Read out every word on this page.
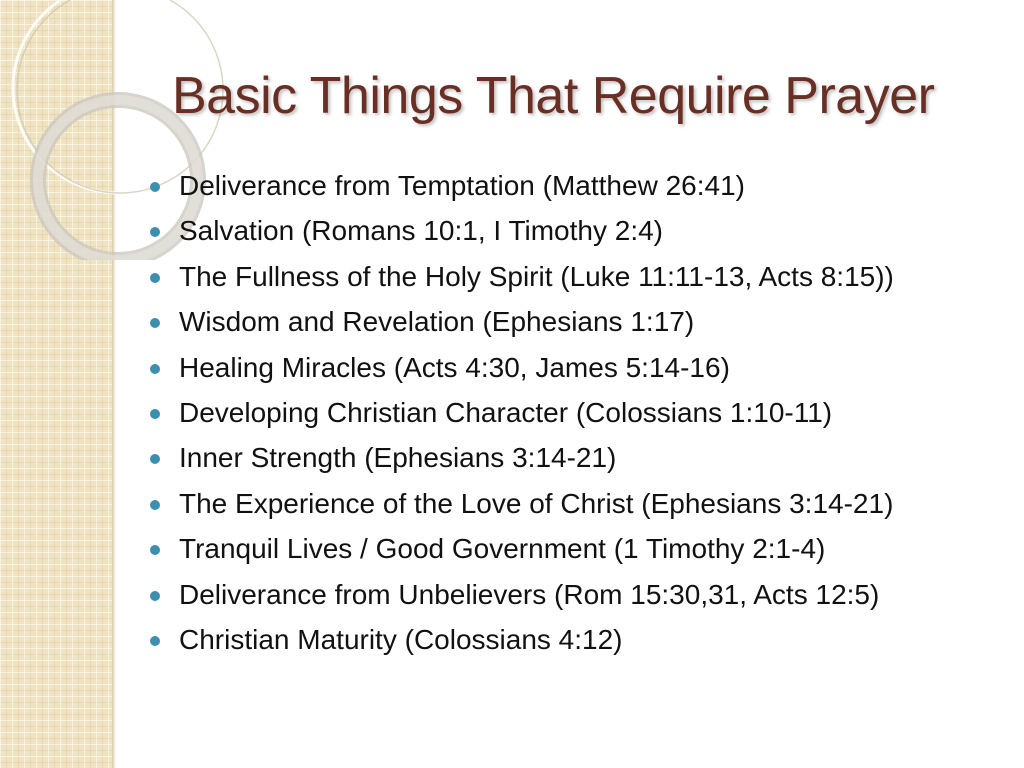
Basic Things That Require Prayer
Deliverance from Temptation (Matthew 26:41)
Salvation (Romans 10:1, I Timothy 2:4)
The Fullness of the Holy Spirit (Luke 11:11-13, Acts 8:15))
Wisdom and Revelation (Ephesians 1:17)
Healing Miracles (Acts 4:30, James 5:14-16)
Developing Christian Character (Colossians 1:10-11)
Inner Strength (Ephesians 3:14-21)
The Experience of the Love of Christ (Ephesians 3:14-21)
Tranquil Lives / Good Government (1 Timothy 2:1-4)
Deliverance from Unbelievers (Rom 15:30,31, Acts 12:5)
Christian Maturity (Colossians 4:12)
